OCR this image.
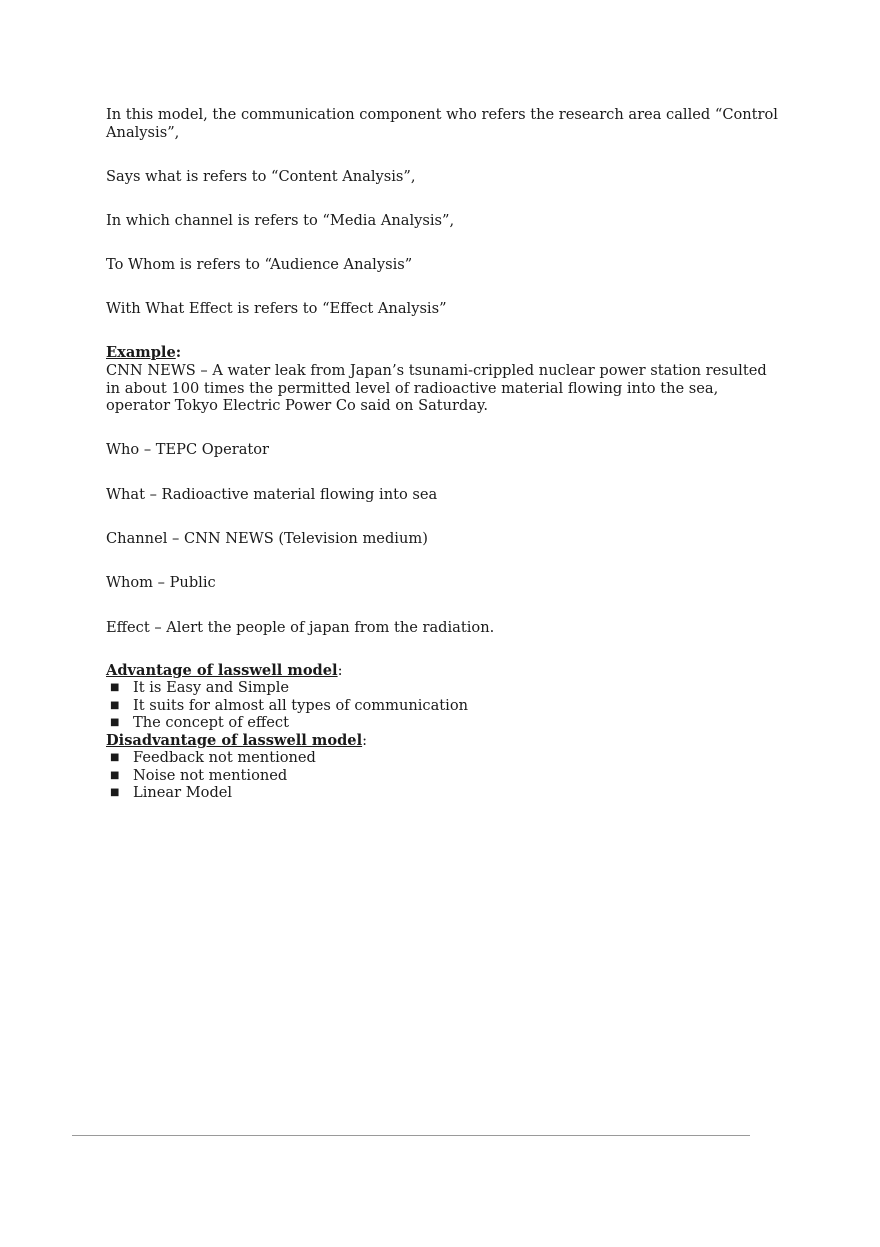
In this model, the communication component who refers the research area called “Control Analysis”,

Says what is refers to “Content Analysis”,

In which channel is refers to “Media Analysis”,

To Whom is refers to “Audience Analysis”

With What Effect is refers to “Effect Analysis”

Example:

CNN NEWS – A water leak from Japan’s tsunami-crippled nuclear power station resulted in about 100 times the permitted level of radioactive material flowing into the sea, operator Tokyo Electric Power Co said on Saturday.

Who – TEPC Operator

What – Radioactive material flowing into sea

Channel – CNN NEWS (Television medium)

Whom – Public

Effect – Alert the people of japan from the radiation.

Advantage of lasswell model:

■ It is Easy and Simple
■ It suits for almost all types of communication
■ The concept of effect

Disadvantage of lasswell model:

■ Feedback not mentioned
■ Noise not mentioned
■ Linear Model
